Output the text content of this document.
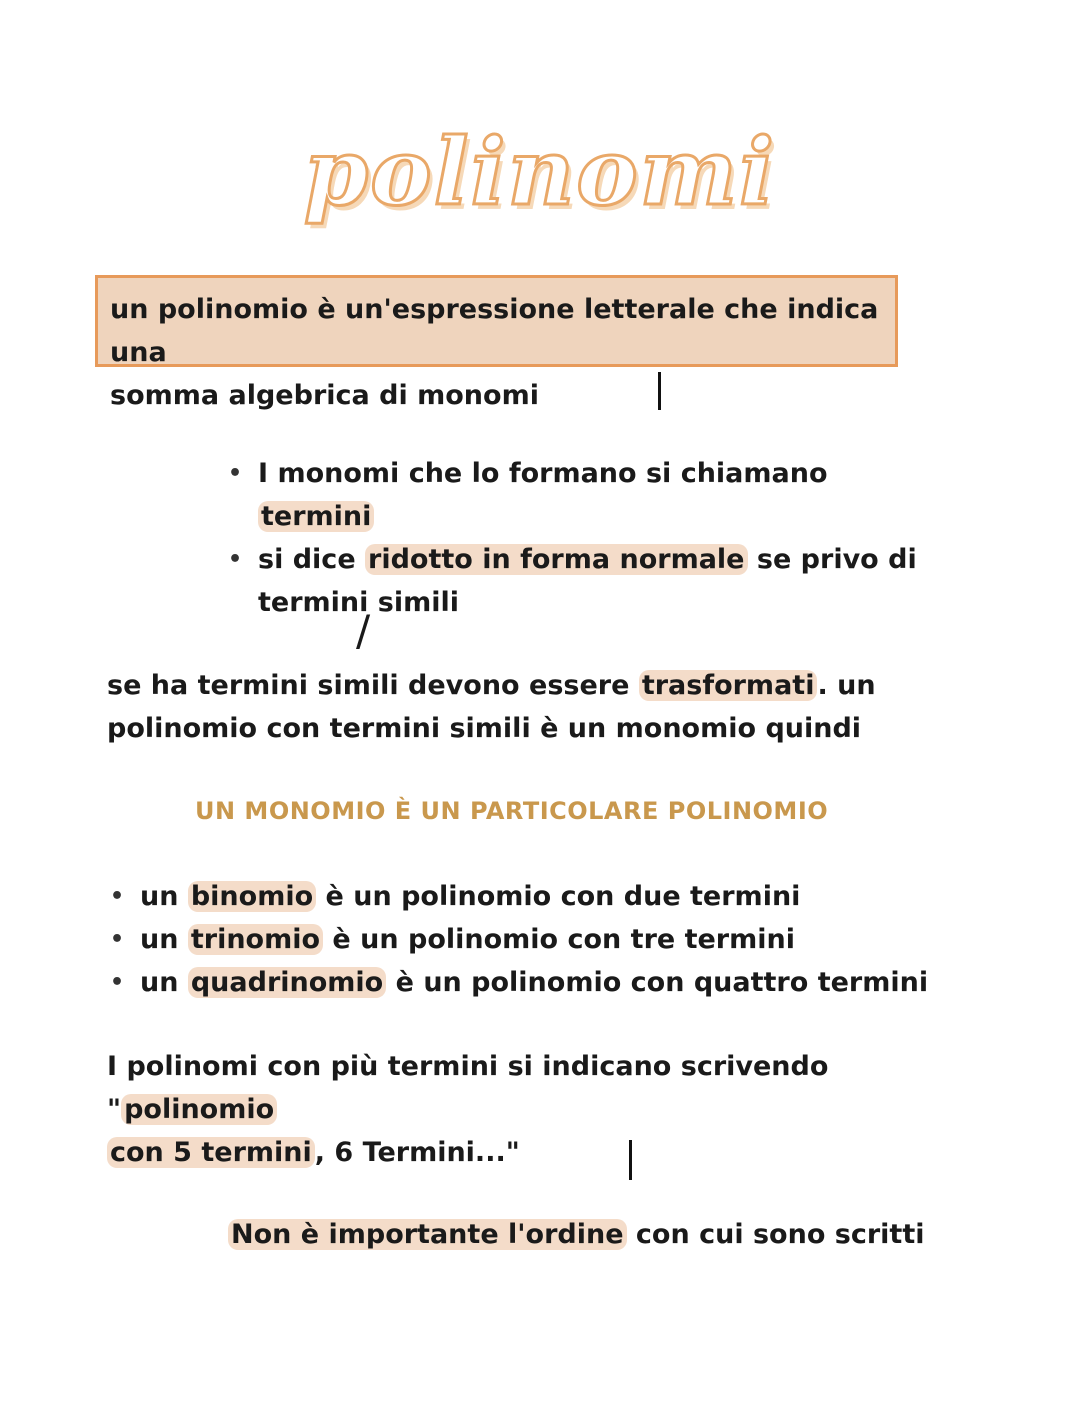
polinomi
un polinomio è un'espressione letterale che indica una
somma algebrica di monomi
• I monomi che lo formano si chiamano termini
• si dice ridotto in forma normale se privo di
termini simili
/
se ha termini simili devono essere trasformati . un
polinomio con termini simili è un monomio quindi
UN MONOMIO È UN PARTICOLARE POLINOMIO
• un binomio è un polinomio con due termini
• un trinomio è un polinomio con tre termini
• un quadrinomio è un polinomio con quattro termini
I polinomi con più termini si indicano scrivendo " polinomio
con 5 termini , 6 Termini..."
Non è importante l'ordine con cui sono scritti
